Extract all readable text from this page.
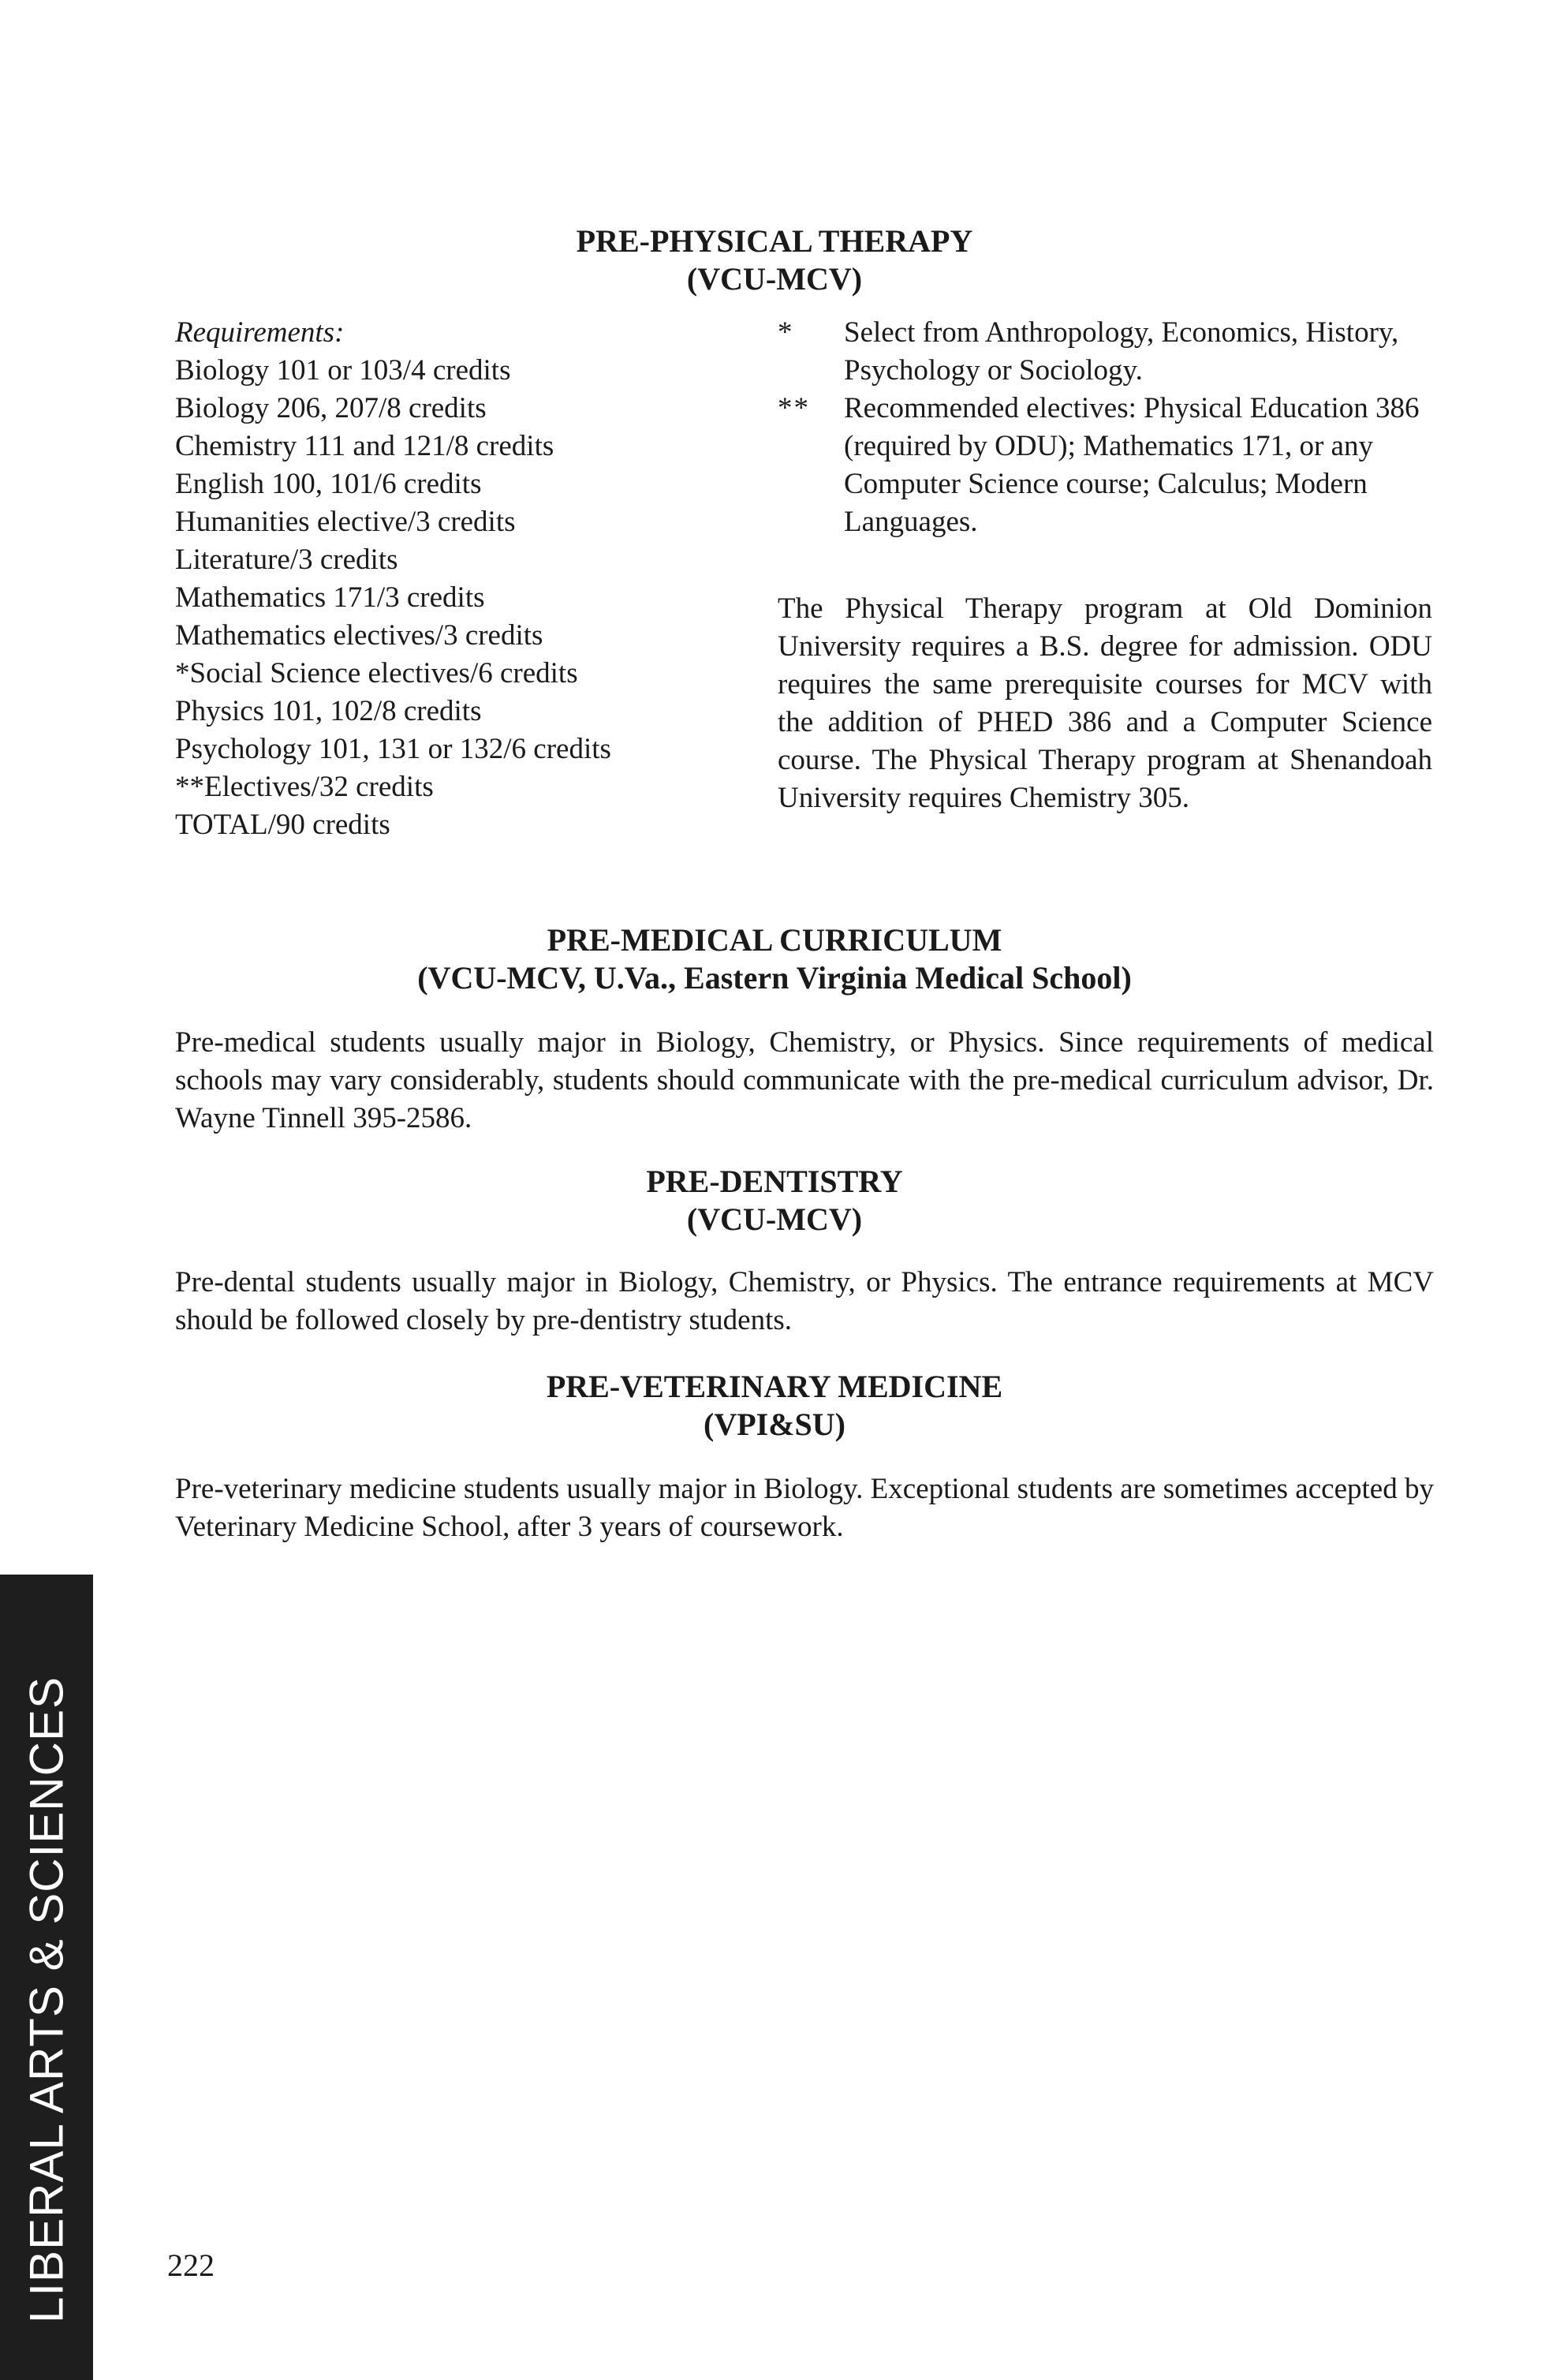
PRE-PHYSICAL THERAPY
(VCU-MCV)
Requirements:
Biology 101 or 103/4 credits
Biology 206, 207/8 credits
Chemistry 111 and 121/8 credits
English 100, 101/6 credits
Humanities elective/3 credits
Literature/3 credits
Mathematics 171/3 credits
Mathematics electives/3 credits
*Social Science electives/6 credits
Physics 101, 102/8 credits
Psychology 101, 131 or 132/6 credits
**Electives/32 credits
TOTAL/90 credits
*	Select from Anthropology, Economics, History, Psychology or Sociology.
**	Recommended electives: Physical Education 386 (required by ODU); Mathematics 171, or any Computer Science course; Calculus; Modern Languages.
The Physical Therapy program at Old Dominion University requires a B.S. degree for admission. ODU requires the same prerequisite courses for MCV with the addition of PHED 386 and a Computer Science course. The Physical Therapy program at Shenandoah University requires Chemistry 305.
PRE-MEDICAL CURRICULUM
(VCU-MCV, U.Va., Eastern Virginia Medical School)
Pre-medical students usually major in Biology, Chemistry, or Physics. Since requirements of medical schools may vary considerably, students should communicate with the pre-medical curriculum advisor, Dr. Wayne Tinnell 395-2586.
PRE-DENTISTRY
(VCU-MCV)
Pre-dental students usually major in Biology, Chemistry, or Physics. The entrance requirements at MCV should be followed closely by pre-dentistry students.
PRE-VETERINARY MEDICINE
(VPI&SU)
Pre-veterinary medicine students usually major in Biology. Exceptional students are sometimes accepted by Veterinary Medicine School, after 3 years of coursework.
LIBERAL ARTS & SCIENCES	222
